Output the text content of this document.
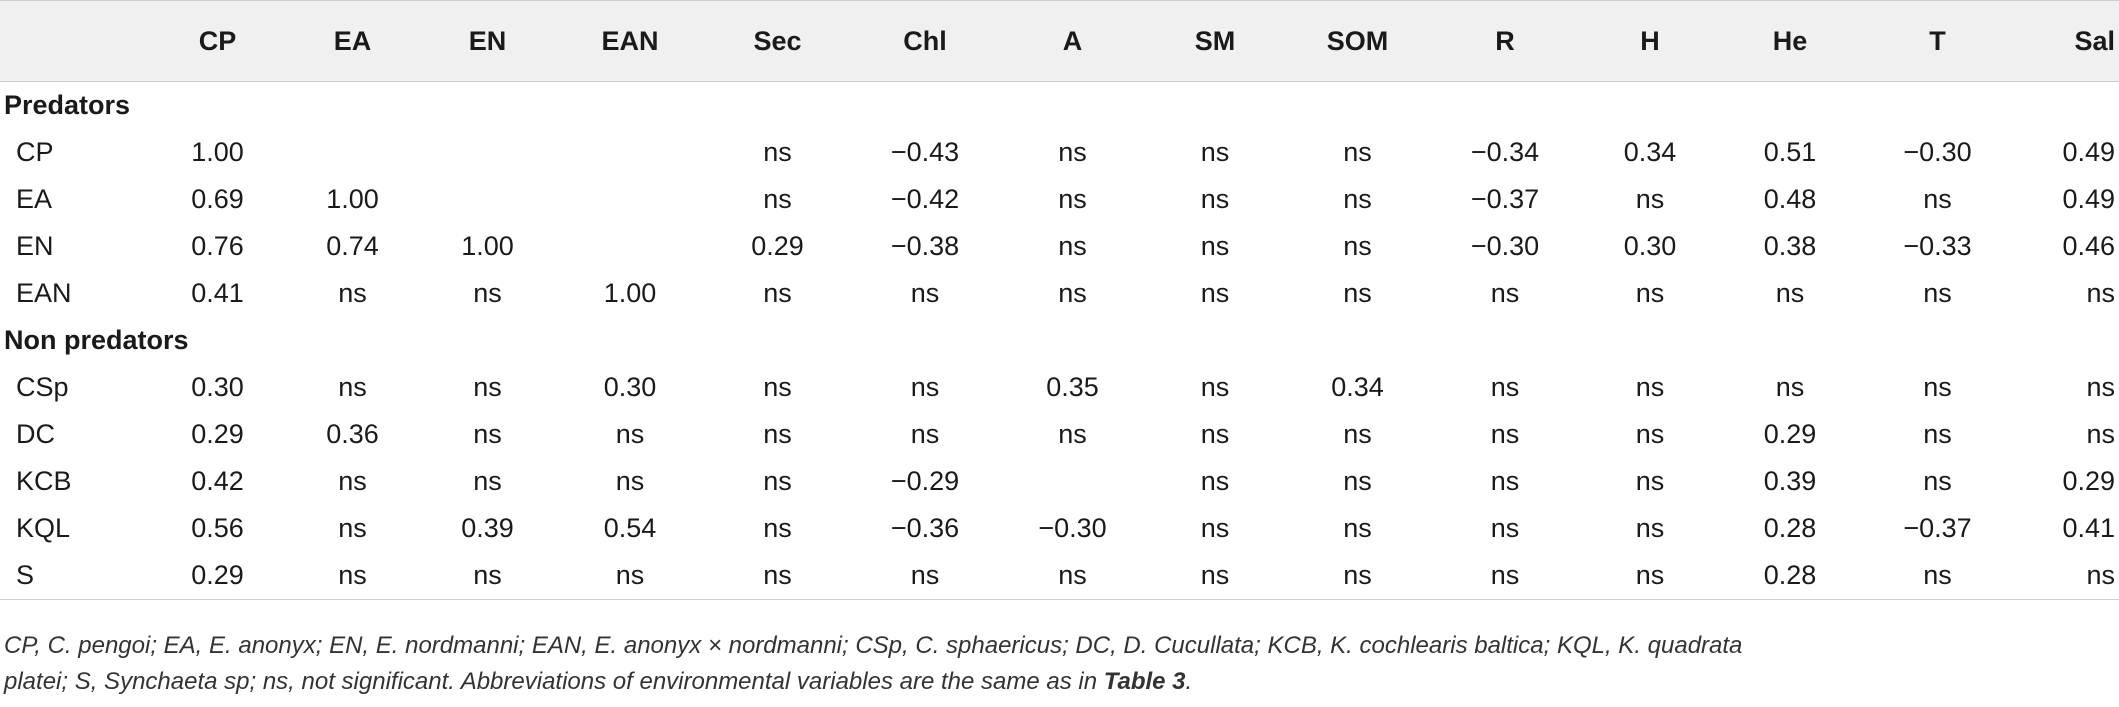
	CP	EA	EN	EAN	Sec	Chl	A	SM	SOM	R	H	He	T	Sal
Predators														
CP	1.00				ns	−0.43	ns	ns	ns	−0.34	0.34	0.51	−0.30	0.49
EA	0.69	1.00			ns	−0.42	ns	ns	ns	−0.37	ns	0.48	ns	0.49
EN	0.76	0.74	1.00		0.29	−0.38	ns	ns	ns	−0.30	0.30	0.38	−0.33	0.46
EAN	0.41	ns	ns	1.00	ns	ns	ns	ns	ns	ns	ns	ns	ns	ns
Non predators														
CSp	0.30	ns	ns	0.30	ns	ns	0.35	ns	0.34	ns	ns	ns	ns	ns
DC	0.29	0.36	ns	ns	ns	ns	ns	ns	ns	ns	ns	0.29	ns	ns
KCB	0.42	ns	ns	ns	ns	−0.29		ns	ns	ns	ns	0.39	ns	0.29
KQL	0.56	ns	0.39	0.54	ns	−0.36	−0.30	ns	ns	ns	ns	0.28	−0.37	0.41
S	0.29	ns	ns	ns	ns	ns	ns	ns	ns	ns	ns	0.28	ns	ns
CP, C. pengoi; EA, E. anonyx; EN, E. nordmanni; EAN, E. anonyx × nordmanni; CSp, C. sphaericus; DC, D. Cucullata; KCB, K. cochlearis baltica; KQL, K. quadrata
platei; S, Synchaeta sp; ns, not significant. Abbreviations of environmental variables are the same as in Table 3.
